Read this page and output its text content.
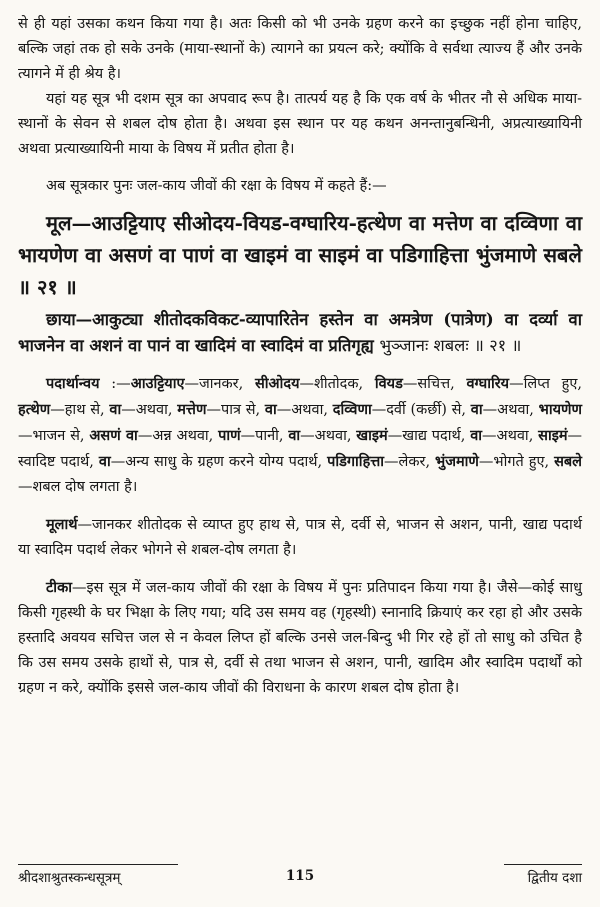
से ही यहां उसका कथन किया गया है। अतः किसी को भी उनके ग्रहण करने का इच्छुक नहीं होना चाहिए, बल्कि जहां तक हो सके उनके (माया-स्थानों के) त्यागने का प्रयत्न करे; क्योंकि वे सर्वथा त्याज्य हैं और उनके त्यागने में ही श्रेय है।

यहां यह सूत्र भी दशम सूत्र का अपवाद रूप है। तात्पर्य यह है कि एक वर्ष के भीतर नौ से अधिक माया-स्थानों के सेवन से शबल दोष होता है। अथवा इस स्थान पर यह कथन अनन्तानुबन्धिनी, अप्रत्याख्यायिनी अथवा प्रत्याख्यायिनी माया के विषय में प्रतीत होता है।

अब सूत्रकार पुनः जल-काय जीवों की रक्षा के विषय में कहते हैं:—

मूल—आउट्टियाए सीओदय-वियड-वग्घारिय-हत्थेण वा मत्तेण वा दव्विणा वा भायणेण वा असणं वा पाणं वा खाइमं वा साइमं वा पडिगाहित्ता भुंजमाणे सबले ॥ २१ ॥

छाया—आकुट्या शीतोदकविकट-व्यापारितेन हस्तेन वा अमत्रेण (पात्रेण) वा दर्व्या वा भाजनेन वा अशनं वा पानं वा खादिमं वा स्वादिमं वा प्रतिगृह्य भुञ्जानः शबलः ॥ २१ ॥

पदार्थान्वय :—आउट्टियाए—जानकर, सीओदय—शीतोदक, वियड—सचित्त, वग्घारिय—लिप्त हुए, हत्थेण—हाथ से, वा—अथवा, मत्तेण—पात्र से, वा—अथवा, दव्विणा—दर्वी (कर्छी) से, वा—अथवा, भायणेण—भाजन से, असणं वा—अन्न अथवा, पाणं—पानी, वा—अथवा, खाइमं—खाद्य पदार्थ, वा—अथवा, साइमं—स्वादिष्ट पदार्थ, वा—अन्य साधु के ग्रहण करने योग्य पदार्थ, पडिगाहित्ता—लेकर, भुंजमाणे—भोगते हुए, सबले—शबल दोष लगता है।

मूलार्थ—जानकर शीतोदक से व्याप्त हुए हाथ से, पात्र से, दर्वी से, भाजन से अशन, पानी, खाद्य पदार्थ या स्वादिम पदार्थ लेकर भोगने से शबल-दोष लगता है।

टीका—इस सूत्र में जल-काय जीवों की रक्षा के विषय में पुनः प्रतिपादन किया गया है। जैसे—कोई साधु किसी गृहस्थी के घर भिक्षा के लिए गया; यदि उस समय वह (गृहस्थी) स्नानादि क्रियाएं कर रहा हो और उसके हस्तादि अवयव सचित्त जल से न केवल लिप्त हों बल्कि उनसे जल-बिन्दु भी गिर रहे हों तो साधु को उचित है कि उस समय उसके हाथों से, पात्र से, दर्वी से तथा भाजन से अशन, पानी, खादिम और स्वादिम पदार्थों को ग्रहण न करे, क्योंकि इससे जल-काय जीवों की विराधना के कारण शबल दोष होता है।

श्रीदशाश्रुतस्कन्धसूत्रम्	115	द्वितीय दशा
